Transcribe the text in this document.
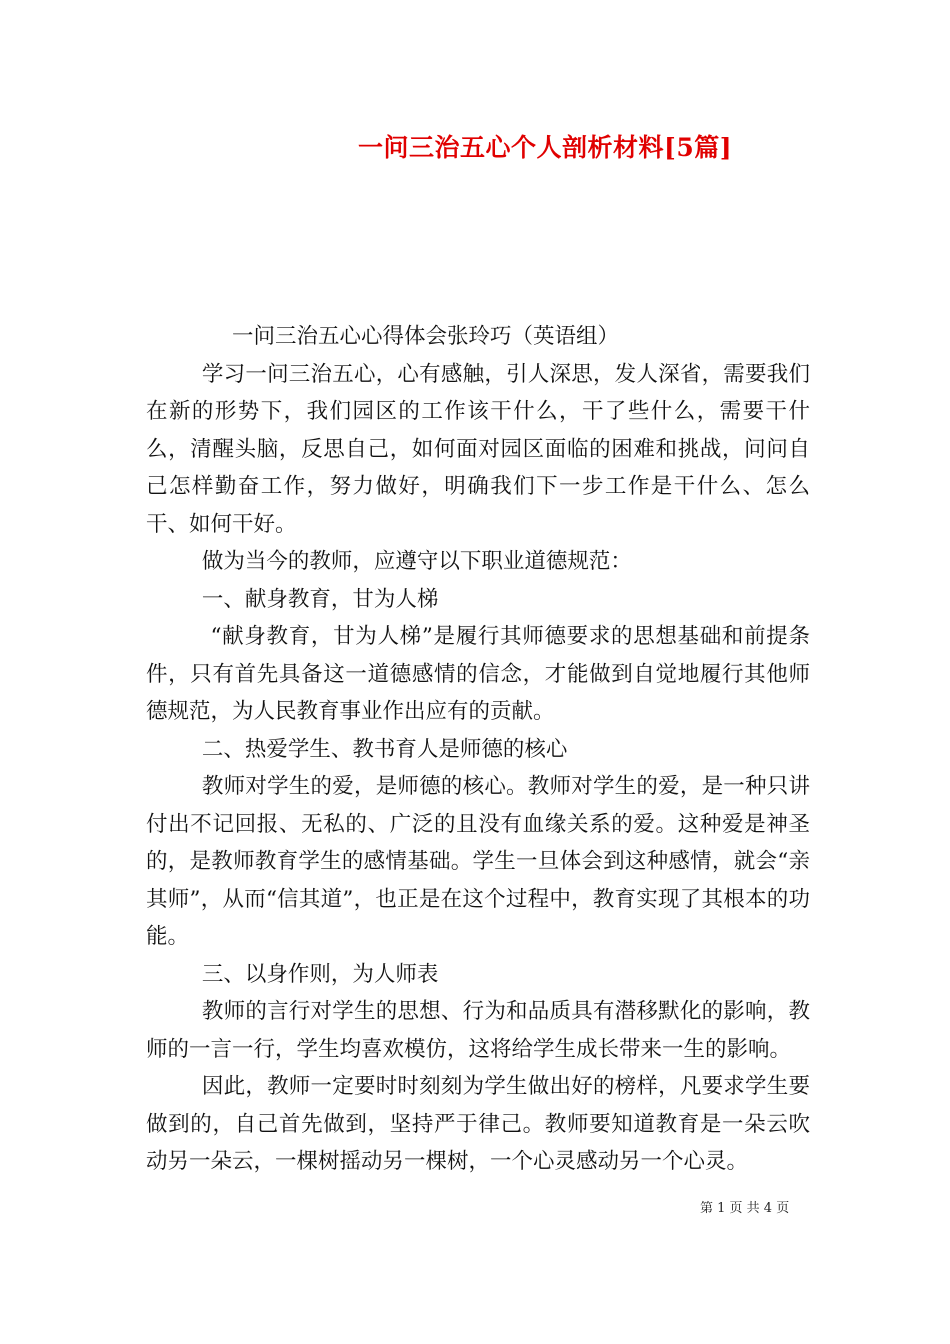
一问三治五心个人剖析材料[5篇]

一问三治五心心得体会张玲巧（英语组）

学习一问三治五心，心有感触，引人深思，发人深省，需要我们在新的形势下，我们园区的工作该干什么，干了些什么，需要干什么，清醒头脑，反思自己，如何面对园区面临的困难和挑战，问问自己怎样勤奋工作，努力做好，明确我们下一步工作是干什么、怎么干、如何干好。

做为当今的教师，应遵守以下职业道德规范：

一、献身教育，甘为人梯

“献身教育，甘为人梯”是履行其师德要求的思想基础和前提条件，只有首先具备这一道德感情的信念，才能做到自觉地履行其他师德规范，为人民教育事业作出应有的贡献。

二、热爱学生、教书育人是师德的核心

教师对学生的爱，是师德的核心。教师对学生的爱，是一种只讲付出不记回报、无私的、广泛的且没有血缘关系的爱。这种爱是神圣的，是教师教育学生的感情基础。学生一旦体会到这种感情，就会“亲其师”，从而“信其道”，也正是在这个过程中，教育实现了其根本的功能。

三、以身作则，为人师表

教师的言行对学生的思想、行为和品质具有潜移默化的影响，教师的一言一行，学生均喜欢模仿，这将给学生成长带来一生的影响。

因此，教师一定要时时刻刻为学生做出好的榜样，凡要求学生要做到的，自己首先做到，坚持严于律己。教师要知道教育是一朵云吹动另一朵云，一棵树摇动另一棵树，一个心灵感动另一个心灵。

第 1 页 共 4 页
